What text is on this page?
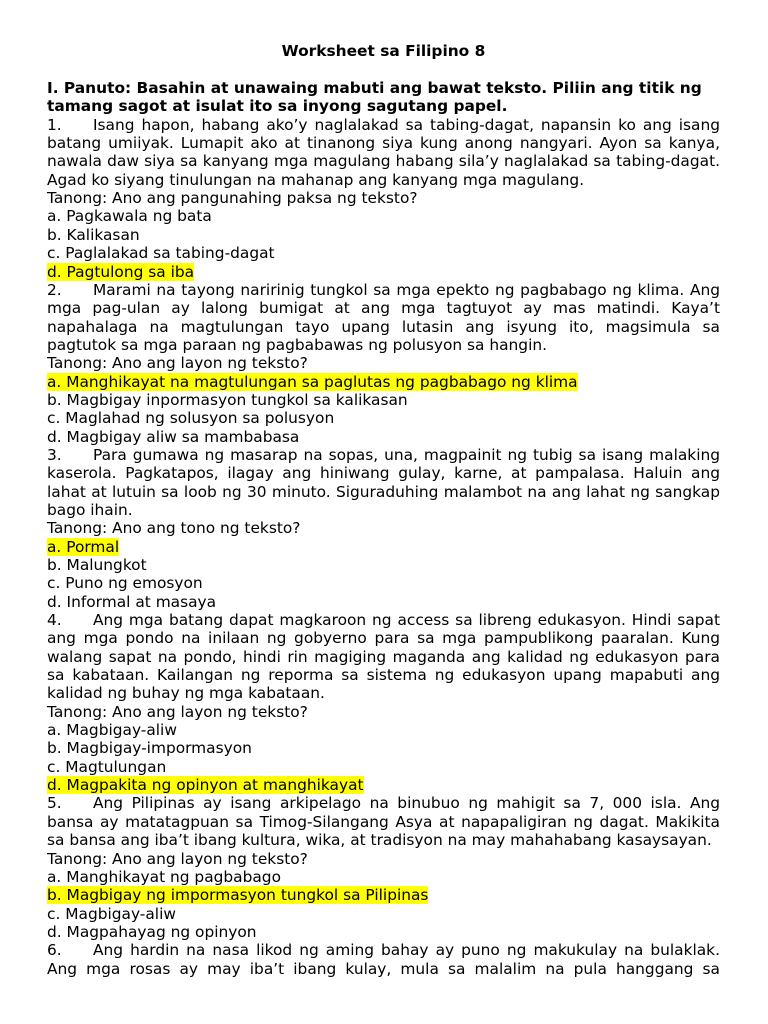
Worksheet sa Filipino 8
I. Panuto: Basahin at unawaing mabuti ang bawat teksto. Piliin ang titik ng
tamang sagot at isulat ito sa inyong sagutang papel.
1.	Isang hapon, habang ako’y naglalakad sa tabing-dagat, napansin ko ang isang
batang umiiyak. Lumapit ako at tinanong siya kung anong nangyari. Ayon sa kanya,
nawala daw siya sa kanyang mga magulang habang sila’y naglalakad sa tabing-dagat.
Agad ko siyang tinulungan na mahanap ang kanyang mga magulang.
Tanong: Ano ang pangunahing paksa ng teksto?
a. Pagkawala ng bata
b. Kalikasan
c. Paglalakad sa tabing-dagat
d. Pagtulong sa iba
2.	Marami na tayong naririnig tungkol sa mga epekto ng pagbabago ng klima. Ang
mga pag-ulan ay lalong bumigat at ang mga tagtuyot ay mas matindi. Kaya’t
napahalaga na magtulungan tayo upang lutasin ang isyung ito, magsimula sa
pagtutok sa mga paraan ng pagbabawas ng polusyon sa hangin.
Tanong: Ano ang layon ng teksto?
a. Manghikayat na magtulungan sa paglutas ng pagbabago ng klima
b. Magbigay inpormasyon tungkol sa kalikasan
c. Maglahad ng solusyon sa polusyon
d. Magbigay aliw sa mambabasa
3.	Para gumawa ng masarap na sopas, una, magpainit ng tubig sa isang malaking
kaserola. Pagkatapos, ilagay ang hiniwang gulay, karne, at pampalasa. Haluin ang
lahat at lutuin sa loob ng 30 minuto. Siguraduhing malambot na ang lahat ng sangkap
bago ihain.
Tanong: Ano ang tono ng teksto?
a. Pormal
b. Malungkot
c. Puno ng emosyon
d. Informal at masaya
4.	Ang mga batang dapat magkaroon ng access sa libreng edukasyon. Hindi sapat
ang mga pondo na inilaan ng gobyerno para sa mga pampublikong paaralan. Kung
walang sapat na pondo, hindi rin magiging maganda ang kalidad ng edukasyon para
sa kabataan. Kailangan ng reporma sa sistema ng edukasyon upang mapabuti ang
kalidad ng buhay ng mga kabataan.
Tanong: Ano ang layon ng teksto?
a. Magbigay-aliw
b. Magbigay-impormasyon
c. Magtulungan
d. Magpakita ng opinyon at manghikayat
5.	Ang Pilipinas ay isang arkipelago na binubuo ng mahigit sa 7, 000 isla. Ang
bansa ay matatagpuan sa Timog-Silangang Asya at napapaligiran ng dagat. Makikita
sa bansa ang iba’t ibang kultura, wika, at tradisyon na may mahahabang kasaysayan.
Tanong: Ano ang layon ng teksto?
a. Manghikayat ng pagbabago
b. Magbigay ng impormasyon tungkol sa Pilipinas
c. Magbigay-aliw
d. Magpahayag ng opinyon
6.	Ang hardin na nasa likod ng aming bahay ay puno ng makukulay na bulaklak.
Ang mga rosas ay may iba’t ibang kulay, mula sa malalim na pula hanggang sa
